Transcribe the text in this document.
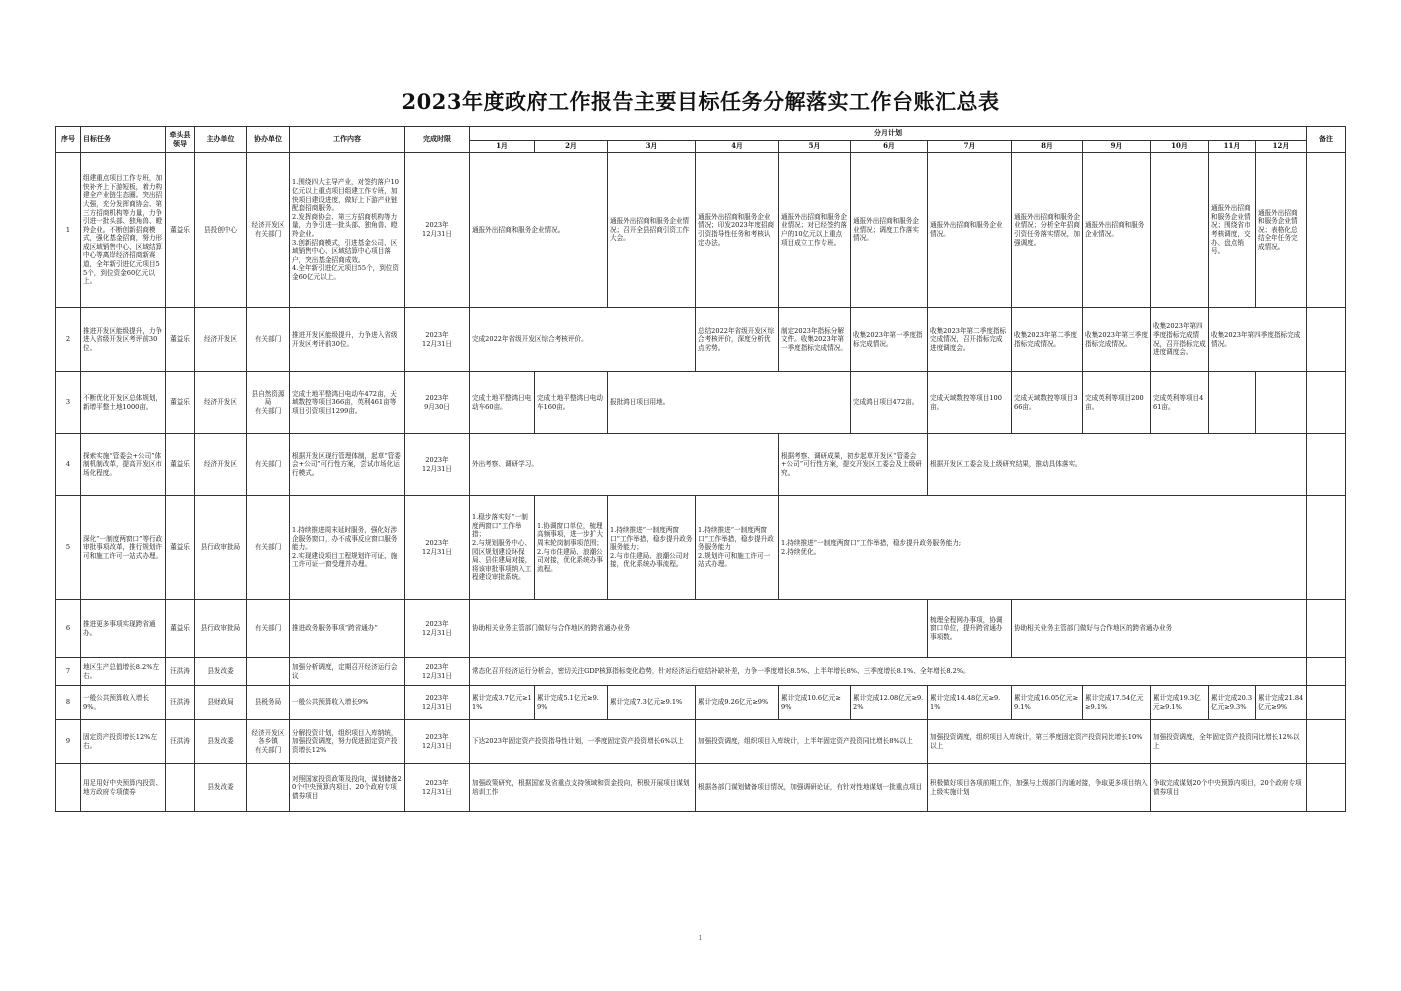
2023年度政府工作报告主要目标任务分解落实工作台账汇总表
序号	目标任务	牵头县领导	主办单位	协办单位	工作内容	完成时限	分月计划												备注	
							1月	2月	3月	4月	5月	6月	7月	8月	9月	10月	11月	12月		
1	组建重点项目工作专班，加快补齐上下游短板，着力构建全产业链生态圈。突出招大强，充分发挥商协会、第三方招商机构等力量，力争引进一批头部、独角兽、瞪羚企业。不断创新招商模式，强化基金招商，努力形成区域销售中心、区域结算中心等离岸经济招商新赛道，全年新引进亿元项目55个，到位资金60亿元以上。	董益乐	县投创中心	经济开发区有关部门	1.围绕四大主导产业，对签约落户10亿元以上重点项目组建工作专班，加快项目建设进度，做好上下游产业链配套招商服务。
2.发挥商协会、第三方招商机构等力量，力争引进一批头部、独角兽、瞪羚企业。
3.创新招商模式，引进基金公司、区域销售中心、区域结算中心项目落户，突出基金招商成效。
4.全年新引进亿元项目55个，到位资金60亿元以上。	2023年
12月31日	通报外出招商和服务企业情况。		通报外出招商和服务企业情况；召开全县招商引资工作大会。	通报外出招商和服务企业情况；印发2023年度招商引资指导性任务和考核认定办法。	通报外出招商和服务企业情况；对已经签约落户的10亿元以上重点项目成立工作专班。	通报外出招商和服务企业情况；调度工作落实情况。	通报外出招商和服务企业情况。	通报外出招商和服务企业情况；分析全年招商引资任务落实情况，加强调度。	通报外出招商和服务企业情况。		通报外出招商和服务企业情况；围绕省市考核调度，交办、盘点销号。	通报外出招商和服务企业情况；表格化总结全年任务完成情况。		
2	推进开发区能级提升，力争进入省级开发区考评前30位。	董益乐	经济开发区	有关部门	推进开发区能级提升，力争进入省级开发区考评前30位。	2023年
12月31日	完成2022年省级开发区综合考核评价。			总结2022年省级开发区综合考核评价，深度分析优点劣势。	制定2023年指标分解文件。收集2023年第一季度指标完成情况。	收集2023年第一季度指标完成情况。	收集2023年第二季度指标完成情况，召开指标完成进度调度会。	收集2023年第二季度指标完成情况。	收集2023年第三季度指标完成情况。	收集2023年第四季度指标完成情况，召开指标完成进度调度会。	收集2023年第四季度指标完成情况。			
3	不断优化开发区总体规划，新增平整土地1000亩。	董益乐	经济开发区	县自然资源局
有关部门	完成土地平整鸿日电动车472亩，天域数控等项目366亩，英利461亩等项目引资项目1299亩。	2023年
9月30日	完成土地平整鸿日电动车60亩。	完成土地平整鸿日电动车160亩。	报批鸿日项目用地。			完成鸿日项目472亩。	完成天域数控等项目100亩。	完成天域数控等项目366亩。	完成英利等项目200亩。	完成英利等项目461亩。				
4	探索实施“管委会+公司”体制机制改革，提高开发区市场化程度。	董益乐	经济开发区	有关部门	根据开发区现行管理体制，起草“管委会+公司”可行性方案，尝试市场化运行模式。	2023年
12月31日	外出考察、调研学习。				根据考察、调研成果，初步起草开发区“管委会+公司”可行性方案，提交开发区工委会及上级研究。		根据开发区工委会及上级研究结果，推动具体落实。							
5	深化“一制度两窗口”等行政审批事项改革，推行规划许可和施工许可一站式办理。	董益乐	县行政审批局	有关部门	1.持续推进周末延时服务，强化好涉企服务窗口，办不成事反应窗口服务能力。
2.实现建设项目工程规划许可证、施工许可证一窗受理并办理。	2023年
12月31日	1.稳步落实好“一制度两窗口”工作举措；
2.与规划服务中心、园区规划建设环保局、县住建局对接，将该审批事项纳入工程建设审批系统。	1.协调窗口单位，梳理高频事项，进一步扩大周末轮岗制事项范围；
2.与市住建局、浪潮公司对接，优化系统办事流程。	1.持续推进“一制度两窗口”工作举措，稳步提升政务服务能力；
2.与市住建局、浪潮公司对接，优化系统办事流程。	1.持续推进“一制度两窗口”工作举措，稳步提升政务服务能力
2.规划许可和施工许可一站式办理。	1.持续推进“一制度两窗口”工作举措，稳步提升政务服务能力;
2.持续优化。									
6	推进更多事项实现跨省通办。	董益乐	县行政审批局	有关部门	推进政务服务事项“跨省通办”	2023年
12月31日	协助相关业务主管部门做好与合作地区的跨省通办业务						梳理全程网办事项，协调窗口单位，提升跨省通办事项数。	协助相关业务主管部门做好与合作地区的跨省通办业务						
7	地区生产总值增长8.2%左右。	汪洪涛	县发改委		加强分析调度，定期召开经济运行会议	2023年
12月31日	常态化召开经济运行分析会，密切关注GDP核算指标变化趋势，针对经济运行症结补缺补差，力争一季度增长8.5%、上半年增长8%、三季度增长8.1%、全年增长8.2%。													
8	一般公共预算收入增长9%。	汪洪涛	县财政局	县税务局	一般公共预算收入增长9%	2023年
12月31日	累计完成3.7亿元≥11%	累计完成5.1亿元≥9.9%	累计完成7.3亿元≥9.1%	累计完成9.26亿元≥9%	累计完成10.6亿元≥9%	累计完成12.08亿元≥9.2%	累计完成14.48亿元≥9.1%	累计完成16.05亿元≥9.1%	累计完成17.54亿元≥9.1%	累计完成19.3亿元≥9.1%	累计完成20.3亿元≥9.3%	累计完成21.84亿元≥9%		
9	固定资产投资增长12%左右。	汪洪涛	县发改委	经济开发区
各乡镇
有关部门	分解投资计划，组织项目入库纳统，加强投资调度，努力促进固定资产投资增长12%	2023年
12月31日	下达2023年固定资产投资指导性计划，一季度固定资产投资增长6%以上			加强投资调度，组织项目入库统计，上半年固定资产投资同比增长8%以上			加强投资调度，组织项目入库统计，第三季度固定资产投资同比增长10%以上			加强投资调度，全年固定资产投资同比增长12%以上				
	用足用好中央预算内投资、地方政府专项债券		县发改委		对照国家投资政策及投向，谋划储备20个中央预算内项目、20个政府专项债券项目	2023年
12月31日	加强政策研究，根据国家及省重点支持领域和资金投向，积极开展项目谋划培训工作			根据各部门谋划储备项目情况，加强调研论证，有针对性地谋划一批重点项目			积极做好项目各项前期工作，加强与上级部门沟通对接，争取更多项目纳入上级实施计划			争取完成谋划20个中央预算内项目，20个政府专项债券项目				
1
